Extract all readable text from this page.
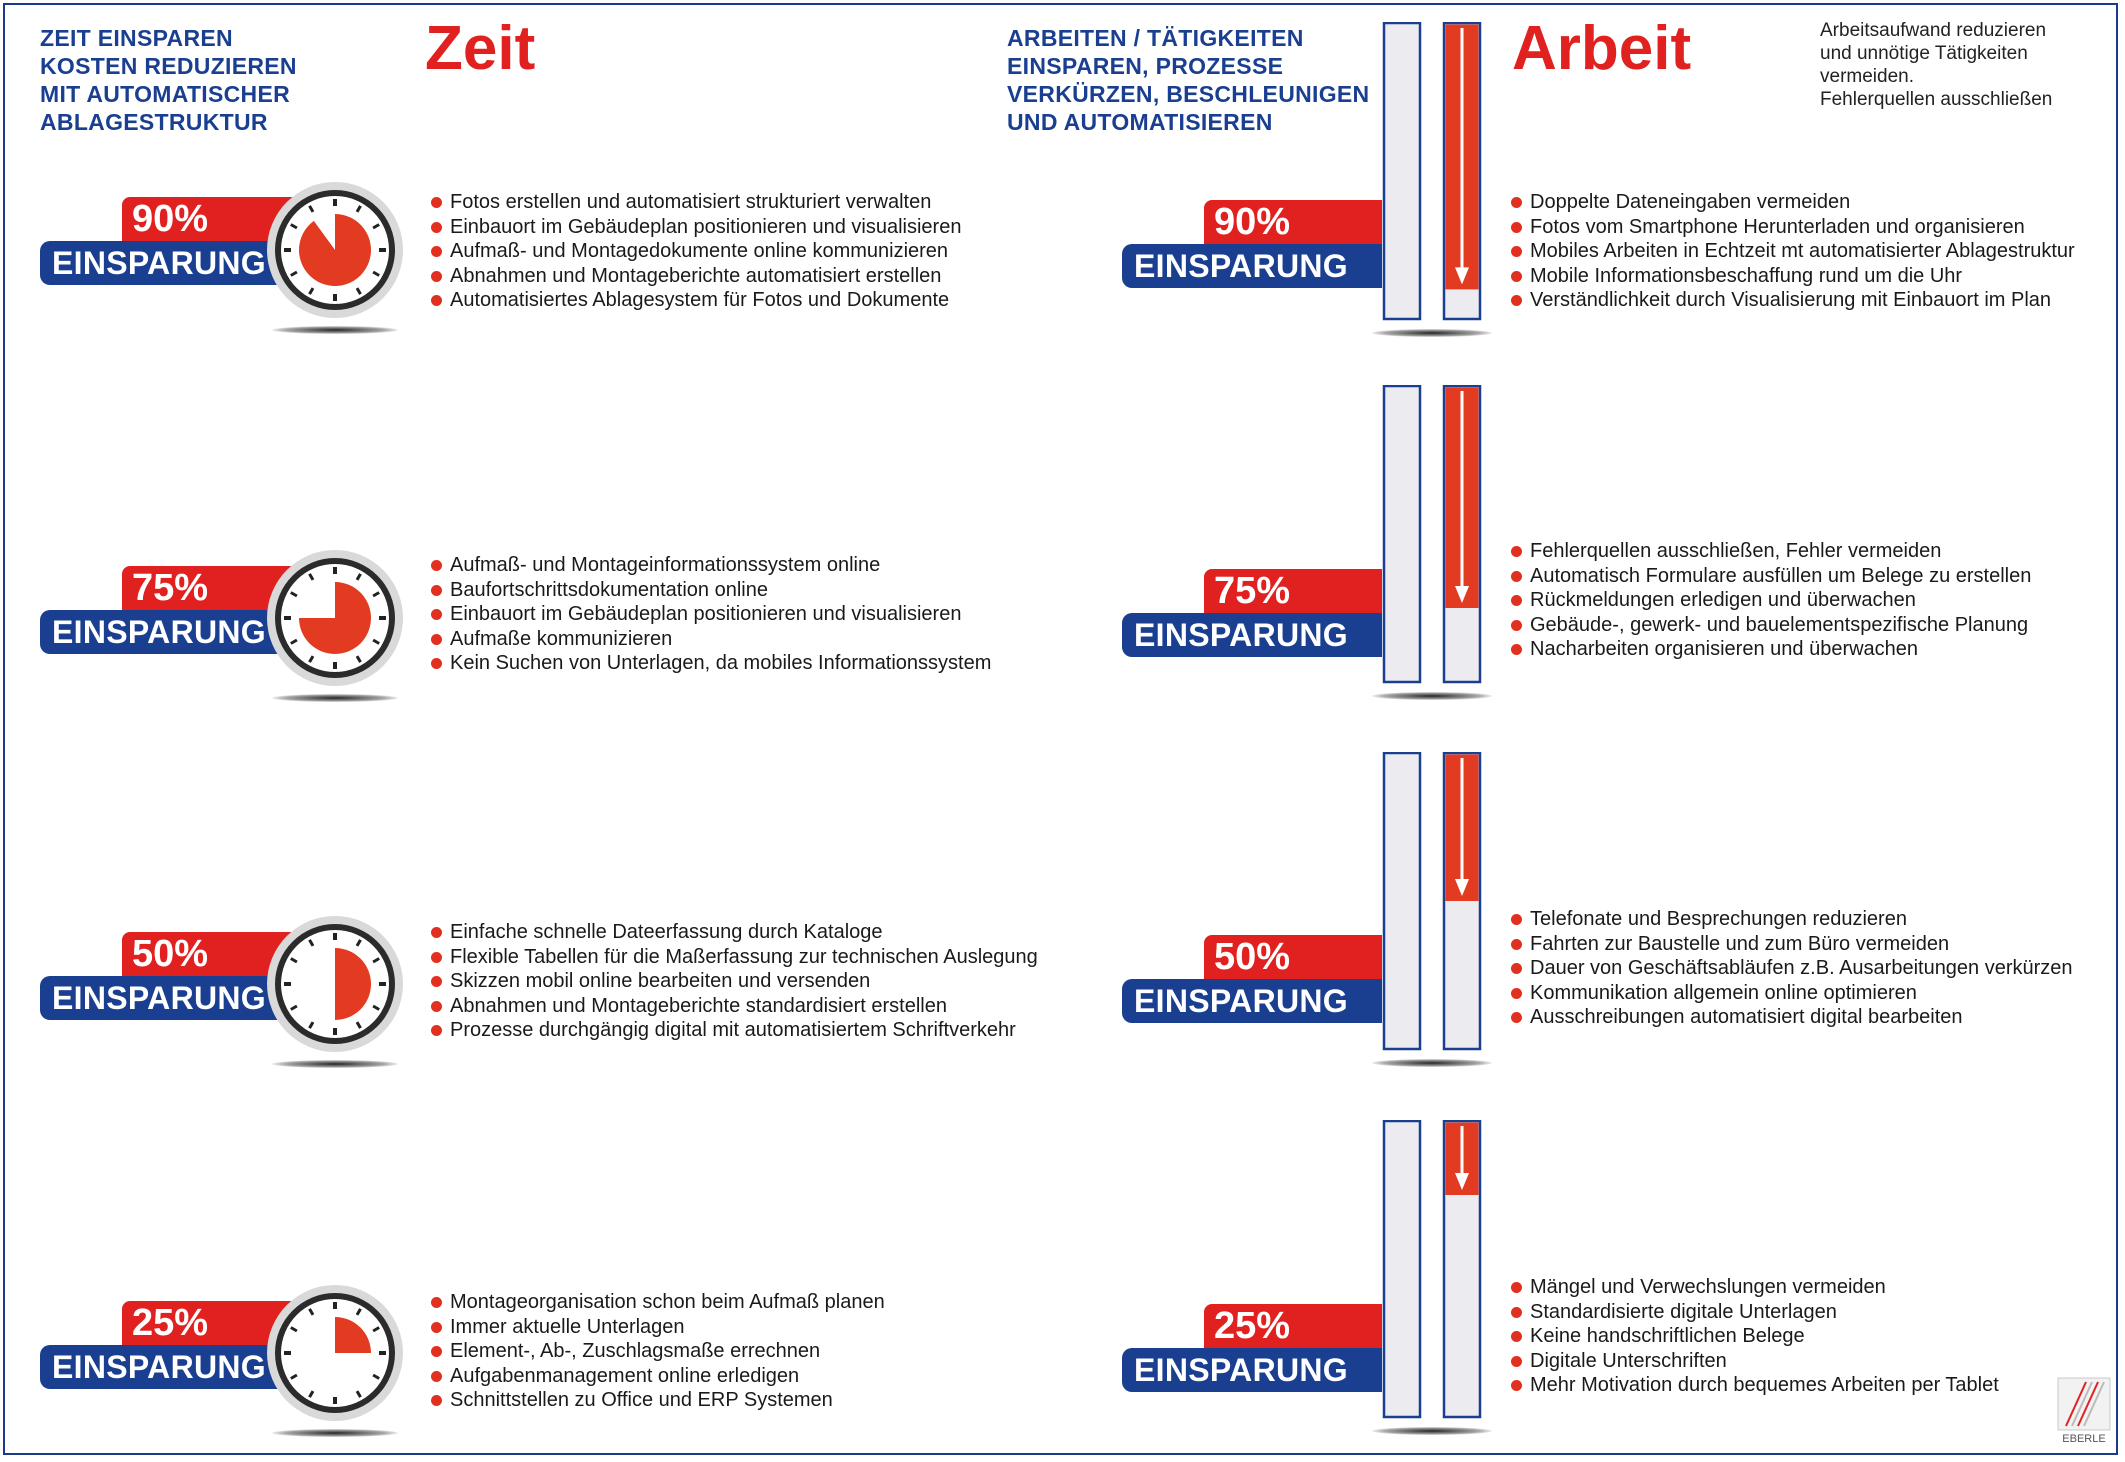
ZEIT EINSPAREN
KOSTEN REDUZIEREN
MIT AUTOMATISCHER
ABLAGESTRUKTUR
Zeit	ARBEITEN / TÄTIGKEITEN
EINSPAREN, PROZESSE
VERKÜRZEN, BESCHLEUNIGEN
UND AUTOMATISIEREN
Arbeit	Arbeitsaufwand reduzieren
und unnötige Tätigkeiten
vermeiden.
Fehlerquellen ausschließen
90%
EINSPARUNG
Fotos erstellen und automatisiert strukturiert verwalten
Einbauort im Gebäudeplan positionieren und visualisieren
Aufmaß- und Montagedokumente online kommunizieren
Abnahmen und Montageberichte automatisiert erstellen
Automatisiertes Ablagesystem für Fotos und Dokumente
90%
EINSPARUNG
Doppelte Dateneingaben vermeiden
Fotos vom Smartphone Herunterladen und organisieren
Mobiles Arbeiten in Echtzeit mt automatisierter Ablagestruktur
Mobile Informationsbeschaffung rund um die Uhr
Verständlichkeit durch Visualisierung mit Einbauort im Plan
75%
EINSPARUNG
Aufmaß- und Montageinformationssystem online
Baufortschrittsdokumentation online
Einbauort im Gebäudeplan positionieren und visualisieren
Aufmaße kommunizieren
Kein Suchen von Unterlagen, da mobiles Informationssystem
75%
EINSPARUNG
Fehlerquellen ausschließen, Fehler vermeiden
Automatisch Formulare ausfüllen um Belege zu erstellen
Rückmeldungen erledigen und überwachen
Gebäude-, gewerk- und bauelementspezifische Planung
Nacharbeiten organisieren und überwachen
50%
EINSPARUNG
Einfache schnelle Dateerfassung durch Kataloge
Flexible Tabellen für die Maßerfassung zur technischen Auslegung
Skizzen mobil online bearbeiten und versenden
Abnahmen und Montageberichte standardisiert erstellen
Prozesse durchgängig digital mit automatisiertem Schriftverkehr
50%
EINSPARUNG
Telefonate und Besprechungen reduzieren
Fahrten zur Baustelle und zum Büro vermeiden
Dauer von Geschäftsabläufen z.B. Ausarbeitungen verkürzen
Kommunikation allgemein online optimieren
Ausschreibungen automatisiert digital bearbeiten
25%
EINSPARUNG
Montageorganisation schon beim Aufmaß planen
Immer aktuelle Unterlagen
Element-, Ab-, Zuschlagsmaße errechnen
Aufgabenmanagement online erledigen
Schnittstellen zu Office und ERP Systemen
25%
EINSPARUNG
Mängel und Verwechslungen vermeiden
Standardisierte digitale Unterlagen
Keine handschriftlichen Belege
Digitale Unterschriften
Mehr Motivation durch bequemes Arbeiten per Tablet
EBERLE
